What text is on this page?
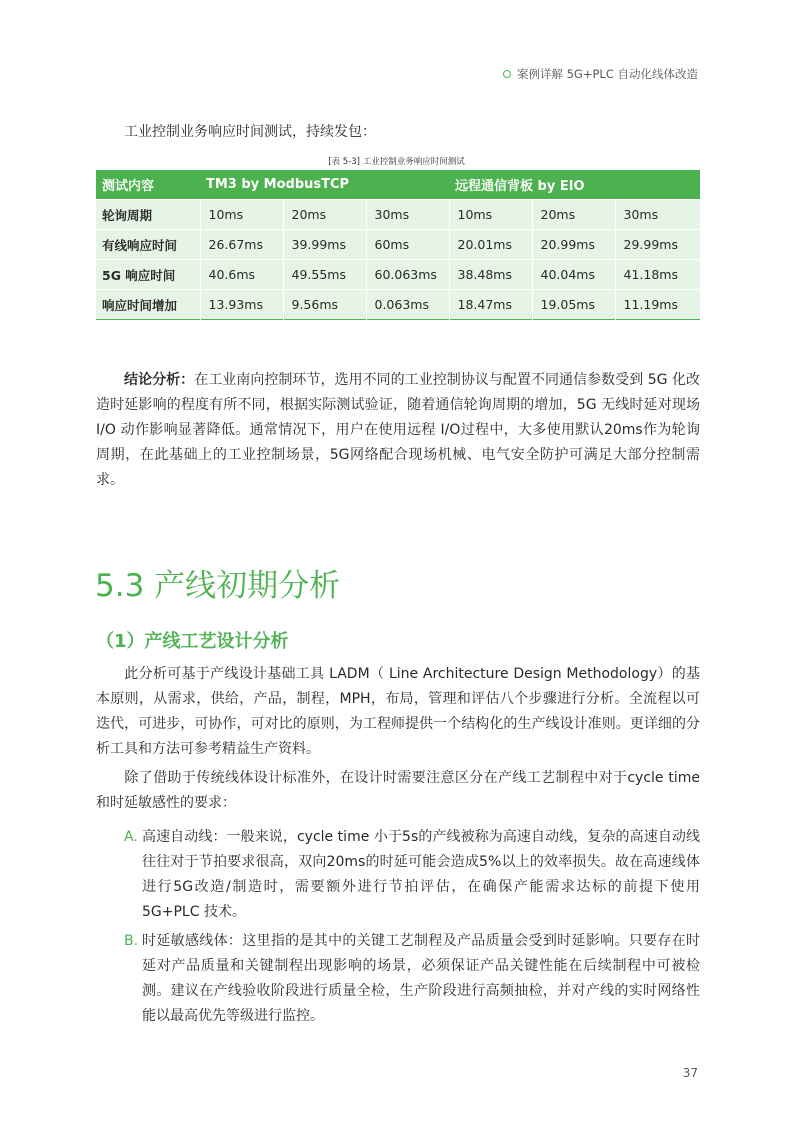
案例详解 5G+PLC 自动化线体改造
工业控制业务响应时间测试，持续发包：
[表 5-3] 工业控制业务响应时间测试
测试内容	TM3 by ModbusTCP			远程通信背板 by EIO		
轮询周期	10ms	20ms	30ms	10ms	20ms	30ms
有线响应时间	26.67ms	39.99ms	60ms	20.01ms	20.99ms	29.99ms
5G 响应时间	40.6ms	49.55ms	60.063ms	38.48ms	40.04ms	41.18ms
响应时间增加	13.93ms	9.56ms	0.063ms	18.47ms	19.05ms	11.19ms
结论分析：在工业南向控制环节，选用不同的工业控制协议与配置不同通信参数受到 5G 化改造时延影响的程度有所不同，根据实际测试验证，随着通信轮询周期的增加，5G 无线时延对现场 I/O 动作影响显著降低。通常情况下，用户在使用远程 I/O过程中，大多使用默认20ms作为轮询周期，在此基础上的工业控制场景，5G网络配合现场机械、电气安全防护可满足大部分控制需求。
5.3 产线初期分析
（1）产线工艺设计分析
此分析可基于产线设计基础工具 LADM（ Line Architecture Design Methodology）的基本原则，从需求，供给，产品，制程，MPH，布局，管理和评估八个步骤进行分析。全流程以可迭代，可进步，可协作，可对比的原则，为工程师提供一个结构化的生产线设计准则。更详细的分析工具和方法可参考精益生产资料。
除了借助于传统线体设计标准外，在设计时需要注意区分在产线工艺制程中对于cycle time 和时延敏感性的要求：
A. 高速自动线：一般来说，cycle time 小于5s的产线被称为高速自动线，复杂的高速自动线往往对于节拍要求很高，双向20ms的时延可能会造成5%以上的效率损失。故在高速线体进行5G改造/制造时，需要额外进行节拍评估，在确保产能需求达标的前提下使用 5G+PLC 技术。
B. 时延敏感线体：这里指的是其中的关键工艺制程及产品质量会受到时延影响。只要存在时延对产品质量和关键制程出现影响的场景，必须保证产品关键性能在后续制程中可被检测。建议在产线验收阶段进行质量全检，生产阶段进行高频抽检，并对产线的实时网络性能以最高优先等级进行监控。
37
